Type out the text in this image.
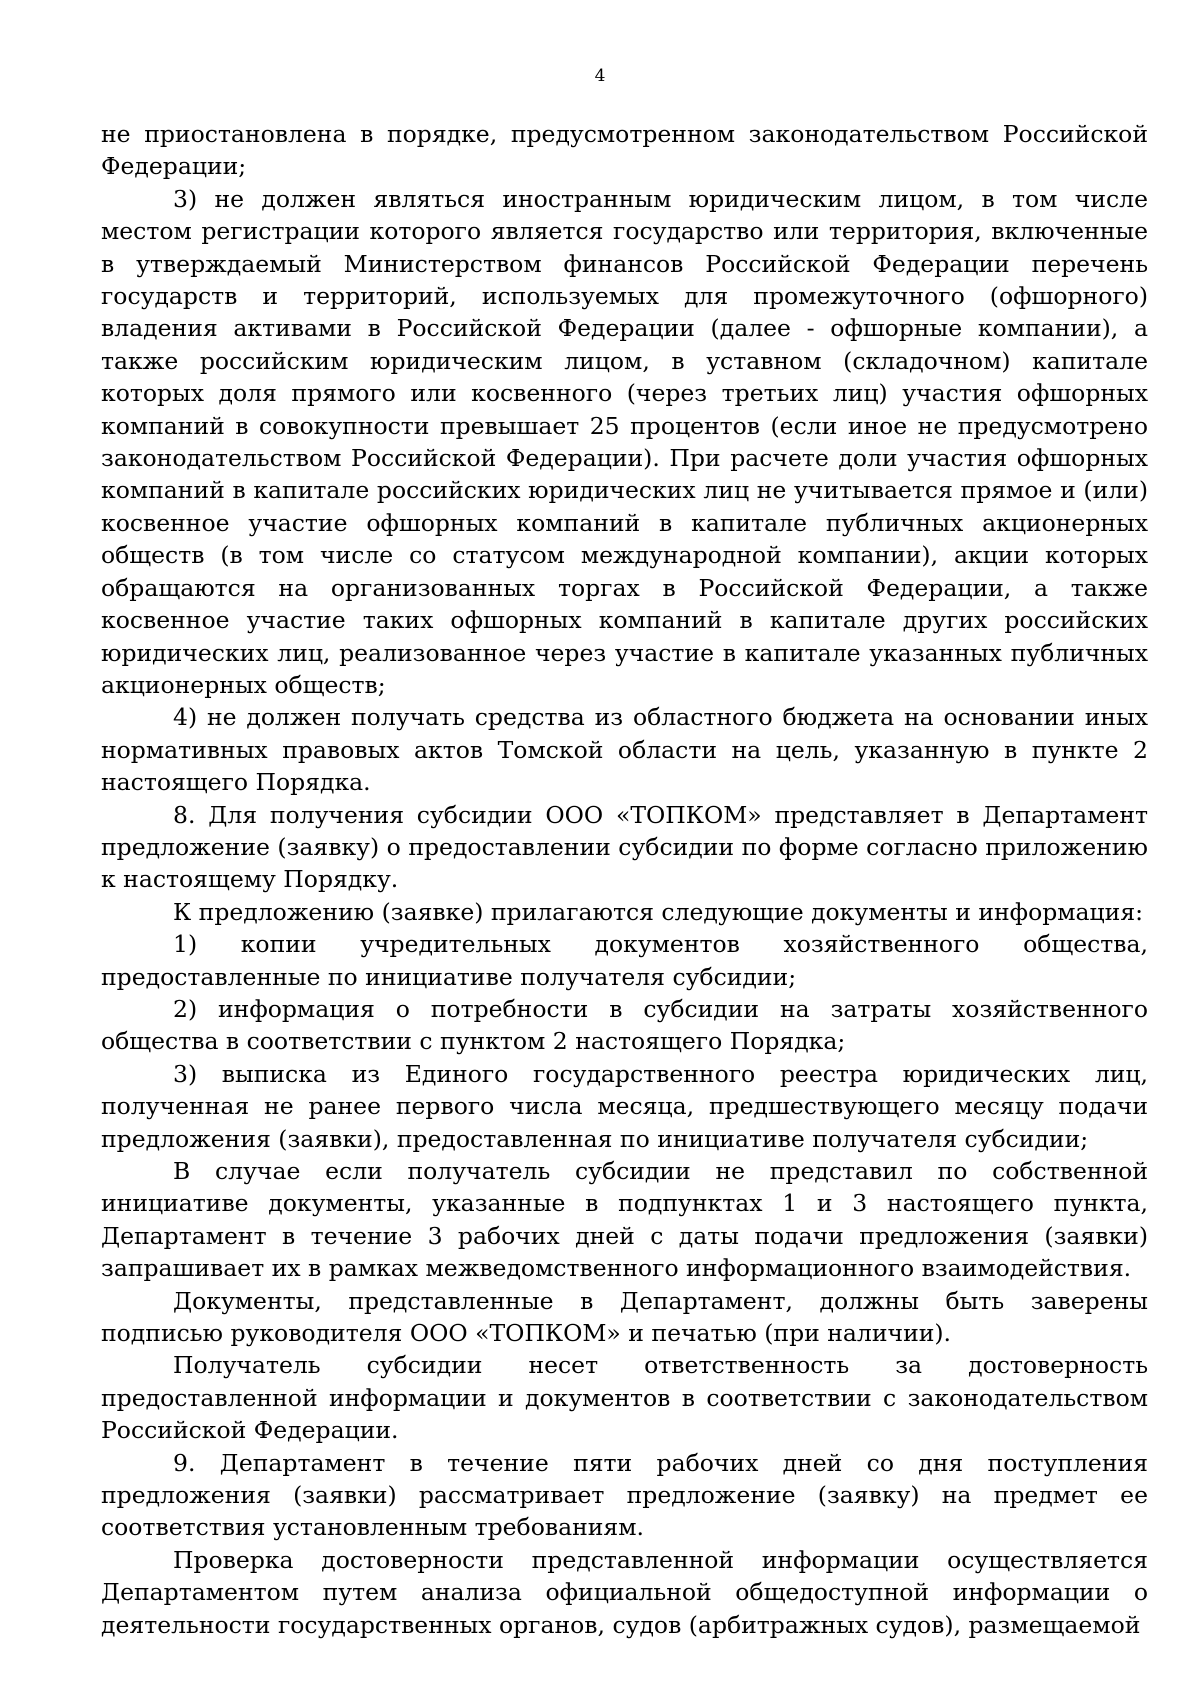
4

не приостановлена в порядке, предусмотренном законодательством Российской Федерации;

3) не должен являться иностранным юридическим лицом, в том числе местом регистрации которого является государство или территория, включенные в утверждаемый Министерством финансов Российской Федерации перечень государств и территорий, используемых для промежуточного (офшорного) владения активами в Российской Федерации (далее - офшорные компании), а также российским юридическим лицом, в уставном (складочном) капитале которых доля прямого или косвенного (через третьих лиц) участия офшорных компаний в совокупности превышает 25 процентов (если иное не предусмотрено законодательством Российской Федерации). При расчете доли участия офшорных компаний в капитале российских юридических лиц не учитывается прямое и (или) косвенное участие офшорных компаний в капитале публичных акционерных обществ (в том числе со статусом международной компании), акции которых обращаются на организованных торгах в Российской Федерации, а также косвенное участие таких офшорных компаний в капитале других российских юридических лиц, реализованное через участие в капитале указанных публичных акционерных обществ;

4) не должен получать средства из областного бюджета на основании иных нормативных правовых актов Томской области на цель, указанную в пункте 2 настоящего Порядка.

8. Для получения субсидии ООО «ТОПКОМ» представляет в Департамент предложение (заявку) о предоставлении субсидии по форме согласно приложению к настоящему Порядку.

К предложению (заявке) прилагаются следующие документы и информация:

1) копии учредительных документов хозяйственного общества, предоставленные по инициативе получателя субсидии;

2) информация о потребности в субсидии на затраты хозяйственного общества в соответствии с пунктом 2 настоящего Порядка;

3) выписка из Единого государственного реестра юридических лиц, полученная не ранее первого числа месяца, предшествующего месяцу подачи предложения (заявки), предоставленная по инициативе получателя субсидии;

В случае если получатель субсидии не представил по собственной инициативе документы, указанные в подпунктах 1 и 3 настоящего пункта, Департамент в течение 3 рабочих дней с даты подачи предложения (заявки) запрашивает их в рамках межведомственного информационного взаимодействия.

Документы, представленные в Департамент, должны быть заверены подписью руководителя ООО «ТОПКОМ» и печатью (при наличии).

Получатель субсидии несет ответственность за достоверность предоставленной информации и документов в соответствии с законодательством Российской Федерации.

9. Департамент в течение пяти рабочих дней со дня поступления предложения (заявки) рассматривает предложение (заявку) на предмет ее соответствия установленным требованиям.

Проверка достоверности представленной информации осуществляется Департаментом путем анализа официальной общедоступной информации о деятельности государственных органов, судов (арбитражных судов), размещаемой
